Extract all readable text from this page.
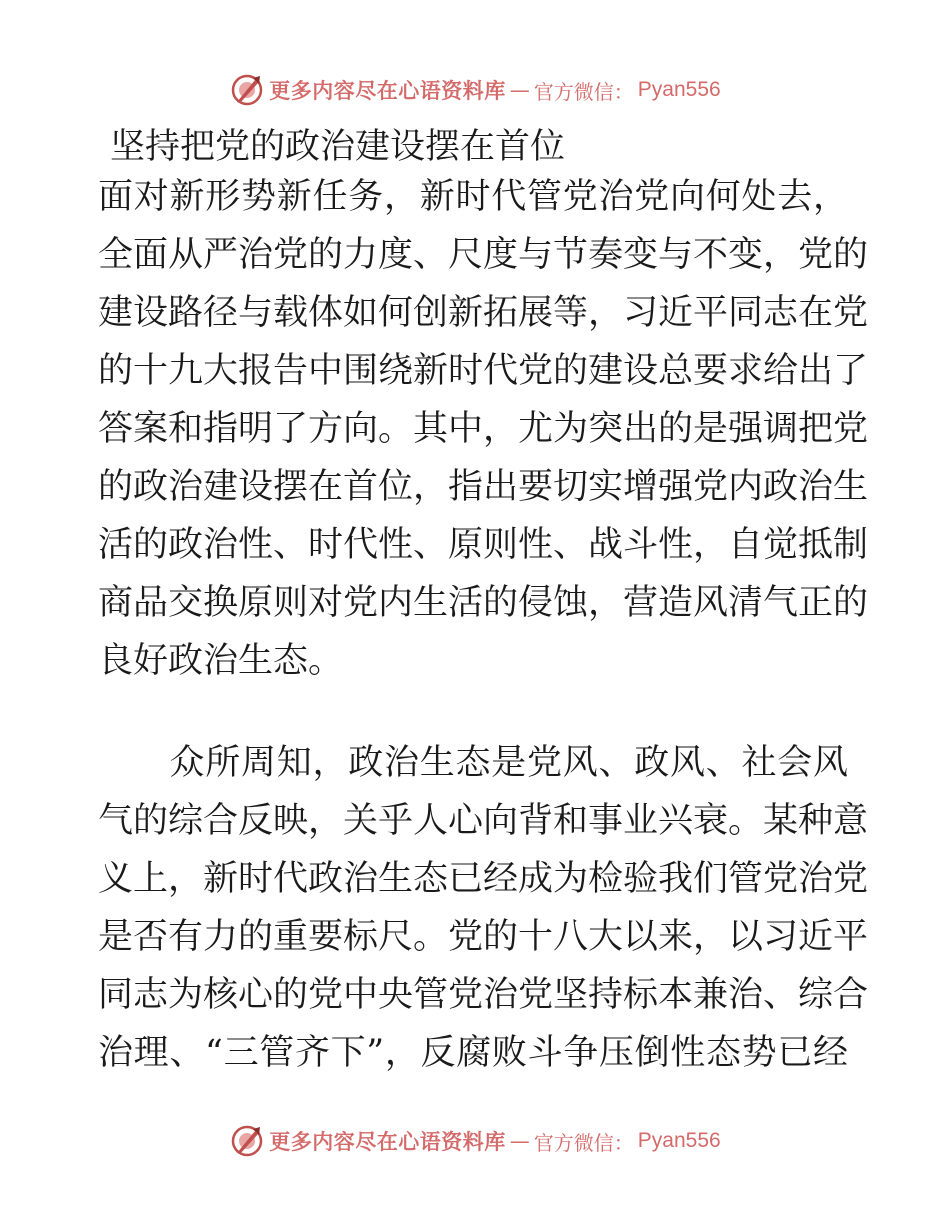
更多内容尽在心语资料库 — 官方微信： Pyan556
坚持把党的政治建设摆在首位

面对新形势新任务，新时代管党治党向何处去，
全面从严治党的力度、尺度与节奏变与不变，党的
建设路径与载体如何创新拓展等，习近平同志在党
的十九大报告中围绕新时代党的建设总要求给出了
答案和指明了方向。其中，尤为突出的是强调把党
的政治建设摆在首位，指出要切实增强党内政治生
活的政治性、时代性、原则性、战斗性，自觉抵制
商品交换原则对党内生活的侵蚀，营造风清气正的
良好政治生态。

　　众所周知，政治生态是党风、政风、社会风
气的综合反映，关乎人心向背和事业兴衰。某种意
义上，新时代政治生态已经成为检验我们管党治党
是否有力的重要标尺。党的十八大以来，以习近平
同志为核心的党中央管党治党坚持标本兼治、综合
治理、“三管齐下”，反腐败斗争压倒性态势已经

更多内容尽在心语资料库 — 官方微信： Pyan556
